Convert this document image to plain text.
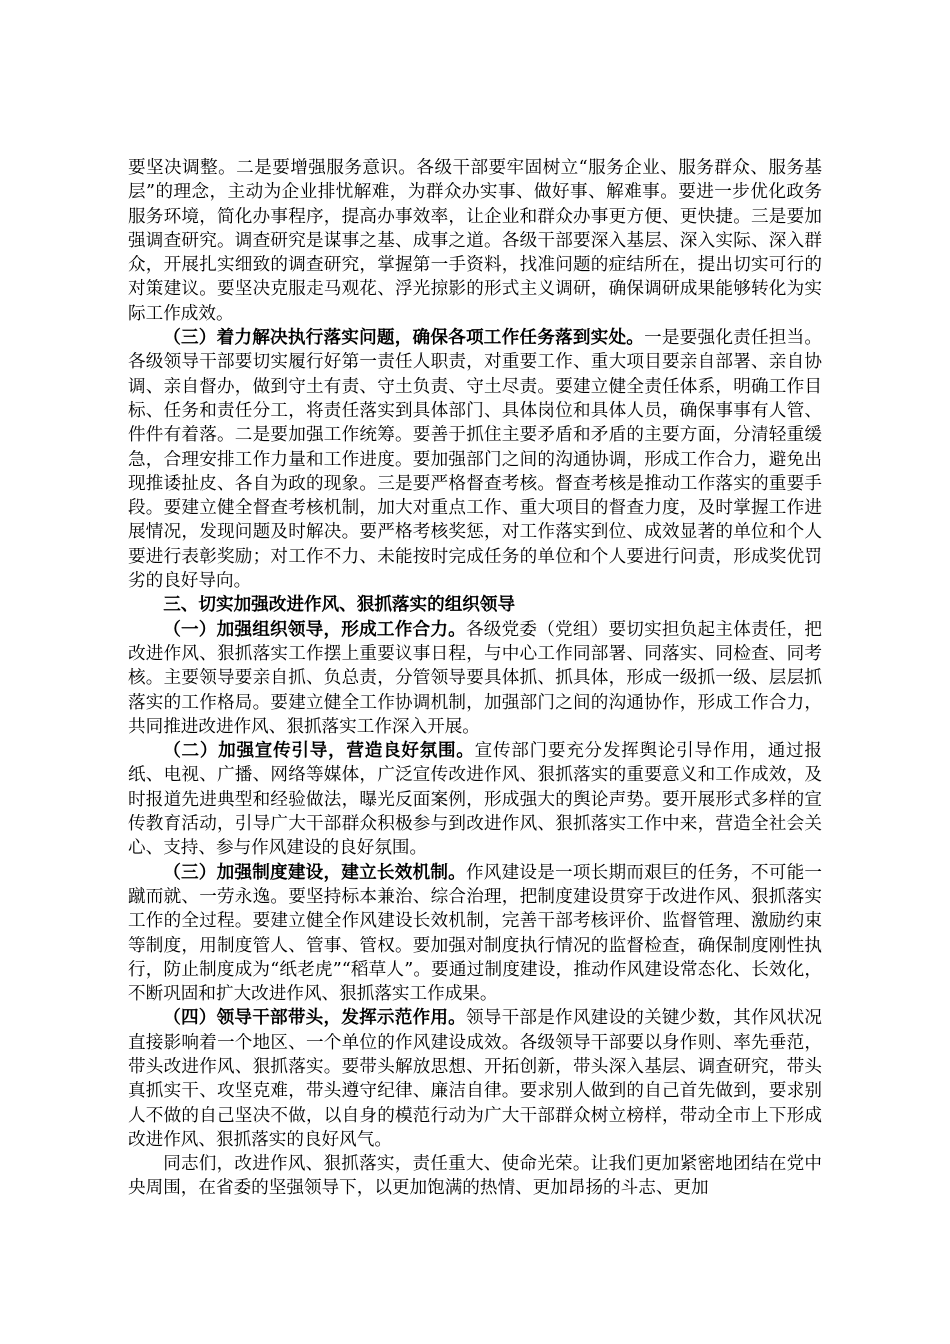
要坚决调整。二是要增强服务意识。各级干部要牢固树立“服务企业、服务群众、服务基层”的理念，主动为企业排忧解难，为群众办实事、做好事、解难事。要进一步优化政务服务环境，简化办事程序，提高办事效率，让企业和群众办事更方便、更快捷。三是要加强调查研究。调查研究是谋事之基、成事之道。各级干部要深入基层、深入实际、深入群众，开展扎实细致的调查研究，掌握第一手资料，找准问题的症结所在，提出切实可行的对策建议。要坚决克服走马观花、浮光掠影的形式主义调研，确保调研成果能够转化为实际工作成效。

（三）着力解决执行落实问题，确保各项工作任务落到实处。一是要强化责任担当。各级领导干部要切实履行好第一责任人职责，对重要工作、重大项目要亲自部署、亲自协调、亲自督办，做到守土有责、守土负责、守土尽责。要建立健全责任体系，明确工作目标、任务和责任分工，将责任落实到具体部门、具体岗位和具体人员，确保事事有人管、件件有着落。二是要加强工作统筹。要善于抓住主要矛盾和矛盾的主要方面，分清轻重缓急，合理安排工作力量和工作进度。要加强部门之间的沟通协调，形成工作合力，避免出现推诿扯皮、各自为政的现象。三是要严格督查考核。督查考核是推动工作落实的重要手段。要建立健全督查考核机制，加大对重点工作、重大项目的督查力度，及时掌握工作进展情况，发现问题及时解决。要严格考核奖惩，对工作落实到位、成效显著的单位和个人要进行表彰奖励；对工作不力、未能按时完成任务的单位和个人要进行问责，形成奖优罚劣的良好导向。

三、切实加强改进作风、狠抓落实的组织领导

（一）加强组织领导，形成工作合力。各级党委（党组）要切实担负起主体责任，把改进作风、狠抓落实工作摆上重要议事日程，与中心工作同部署、同落实、同检查、同考核。主要领导要亲自抓、负总责，分管领导要具体抓、抓具体，形成一级抓一级、层层抓落实的工作格局。要建立健全工作协调机制，加强部门之间的沟通协作，形成工作合力，共同推进改进作风、狠抓落实工作深入开展。

（二）加强宣传引导，营造良好氛围。宣传部门要充分发挥舆论引导作用，通过报纸、电视、广播、网络等媒体，广泛宣传改进作风、狠抓落实的重要意义和工作成效，及时报道先进典型和经验做法，曝光反面案例，形成强大的舆论声势。要开展形式多样的宣传教育活动，引导广大干部群众积极参与到改进作风、狠抓落实工作中来，营造全社会关心、支持、参与作风建设的良好氛围。

（三）加强制度建设，建立长效机制。作风建设是一项长期而艰巨的任务，不可能一蹴而就、一劳永逸。要坚持标本兼治、综合治理，把制度建设贯穿于改进作风、狠抓落实工作的全过程。要建立健全作风建设长效机制，完善干部考核评价、监督管理、激励约束等制度，用制度管人、管事、管权。要加强对制度执行情况的监督检查，确保制度刚性执行，防止制度成为“纸老虎”“稻草人”。要通过制度建设，推动作风建设常态化、长效化，不断巩固和扩大改进作风、狠抓落实工作成果。

（四）领导干部带头，发挥示范作用。领导干部是作风建设的关键少数，其作风状况直接影响着一个地区、一个单位的作风建设成效。各级领导干部要以身作则、率先垂范，带头改进作风、狠抓落实。要带头解放思想、开拓创新，带头深入基层、调查研究，带头真抓实干、攻坚克难，带头遵守纪律、廉洁自律。要求别人做到的自己首先做到，要求别人不做的自己坚决不做，以自身的模范行动为广大干部群众树立榜样，带动全市上下形成改进作风、狠抓落实的良好风气。

同志们，改进作风、狠抓落实，责任重大、使命光荣。让我们更加紧密地团结在党中央周围，在省委的坚强领导下，以更加饱满的热情、更加昂扬的斗志、更加
